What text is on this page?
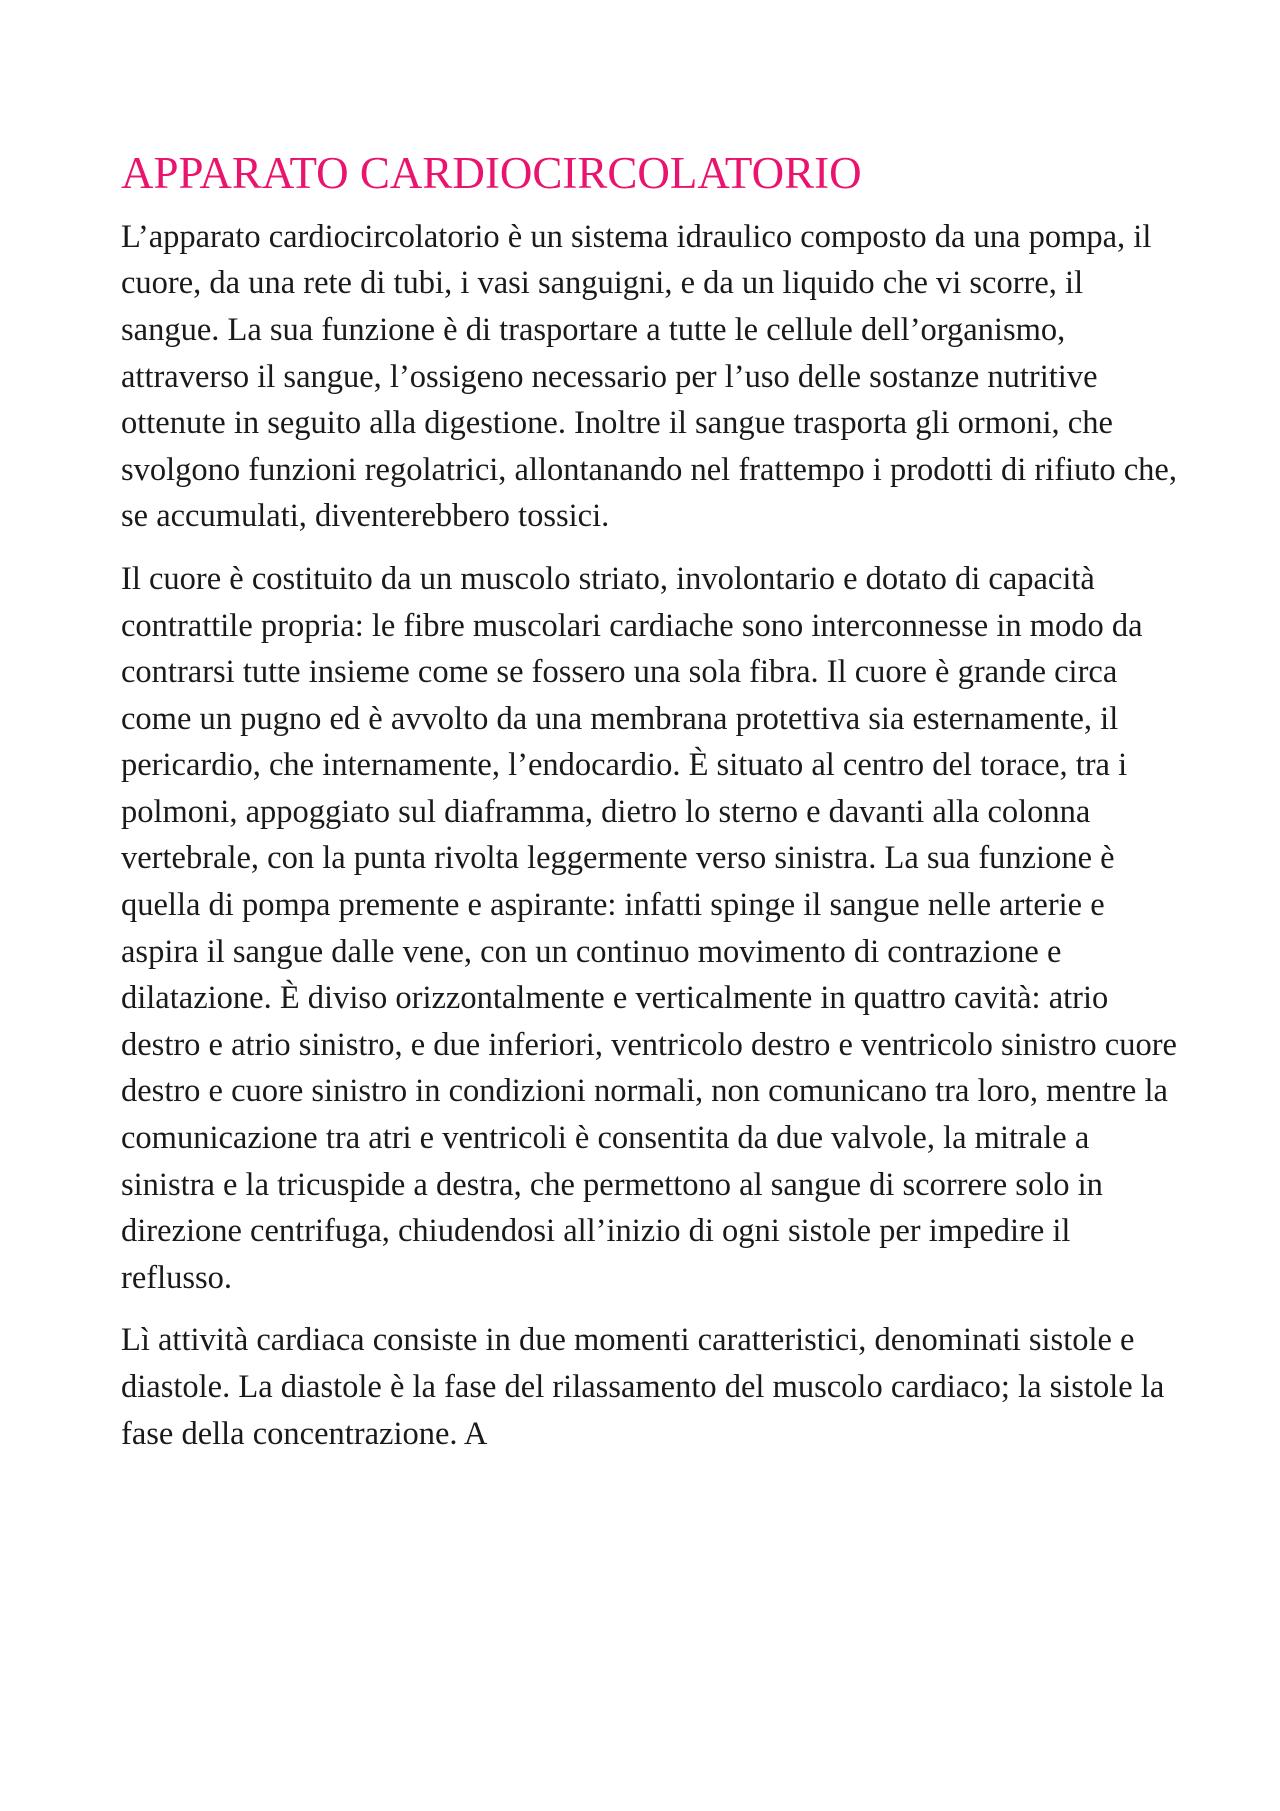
APPARATO CARDIOCIRCOLATORIO

L’apparato cardiocircolatorio è un sistema idraulico composto da una pompa, il cuore, da una rete di tubi, i vasi sanguigni, e da un liquido che vi scorre, il sangue. La sua funzione è di trasportare a tutte le cellule dell’organismo, attraverso il sangue, l’ossigeno necessario per l’uso delle sostanze nutritive ottenute in seguito alla digestione. Inoltre il sangue trasporta gli ormoni, che svolgono funzioni regolatrici, allontanando nel frattempo i prodotti di rifiuto che, se accumulati, diventerebbero tossici.

Il cuore è costituito da un muscolo striato, involontario e dotato di capacità contrattile propria: le fibre muscolari cardiache sono interconnesse in modo da contrarsi tutte insieme come se fossero una sola fibra. Il cuore è grande circa come un pugno ed è avvolto da una membrana protettiva sia esternamente, il pericardio, che internamente, l’endocardio. È situato al centro del torace, tra i polmoni, appoggiato sul diaframma, dietro lo sterno e davanti alla colonna vertebrale, con la punta rivolta leggermente verso sinistra. La sua funzione è quella di pompa premente e aspirante: infatti spinge il sangue nelle arterie e aspira il sangue dalle vene, con un continuo movimento di contrazione e dilatazione. È diviso orizzontalmente e verticalmente in quattro cavità: atrio destro e atrio sinistro, e due inferiori, ventricolo destro e ventricolo sinistro cuore destro e cuore sinistro in condizioni normali, non comunicano tra loro, mentre la comunicazione tra atri e ventricoli è consentita da due valvole, la mitrale a sinistra e la tricuspide a destra, che permettono al sangue di scorrere solo in direzione centrifuga, chiudendosi all’inizio di ogni sistole per impedire il reflusso.

Lì attività cardiaca consiste in due momenti caratteristici, denominati sistole e diastole. La diastole è la fase del rilassamento del muscolo cardiaco; la sistole la fase della concentrazione. A
